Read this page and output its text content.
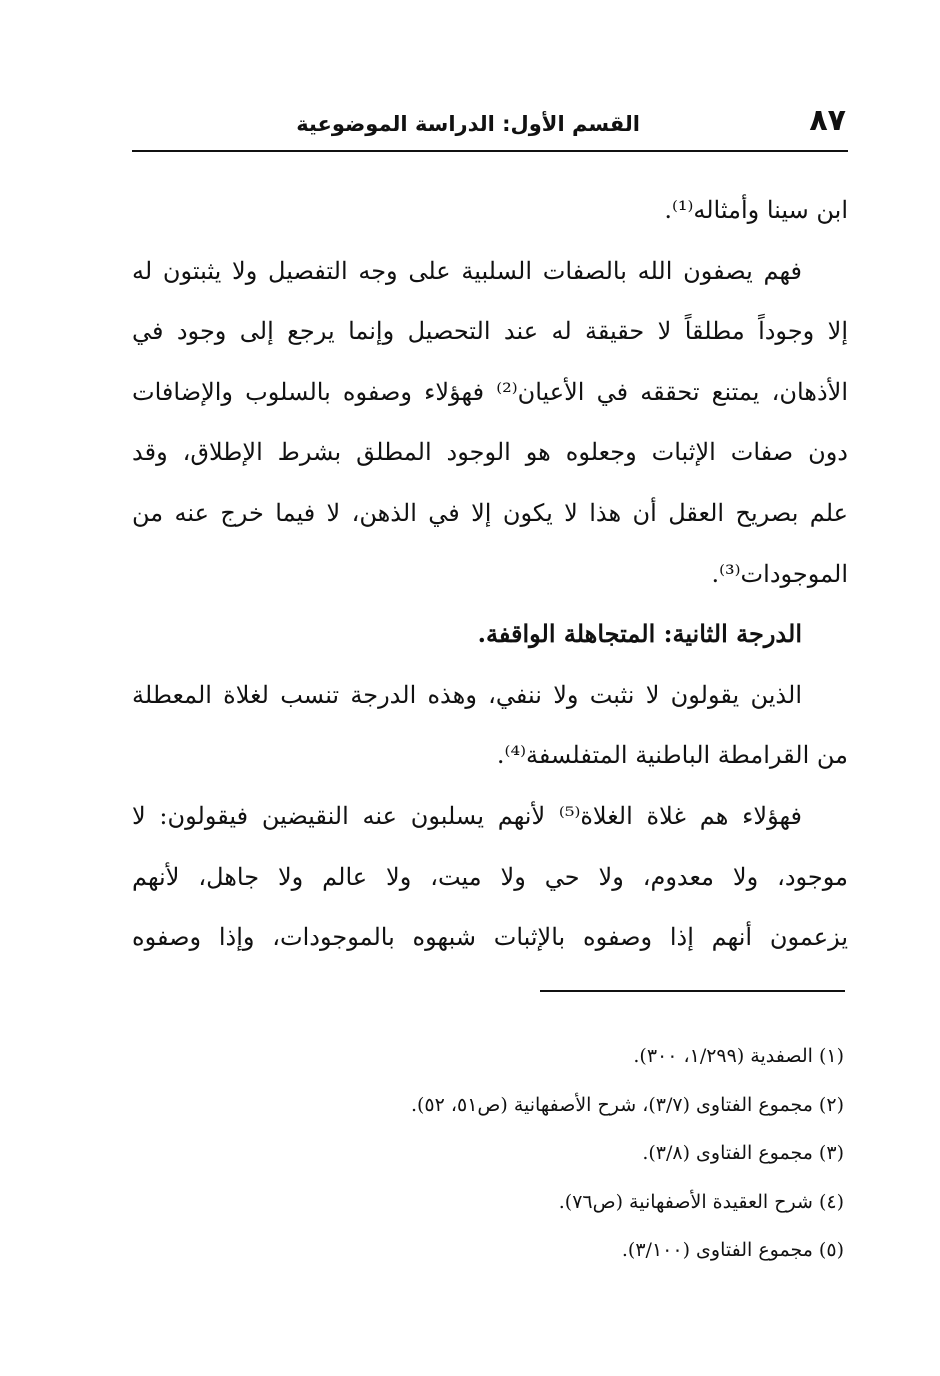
٨٧
القسم الأول: الدراسة الموضوعية
ابن سينا وأمثاله⁽¹⁾.
فهم يصفون الله بالصفات السلبية على وجه التفصيل ولا يثبتون له
إلا وجوداً مطلقاً لا حقيقة له عند التحصيل وإنما يرجع إلى وجود في
الأذهان، يمتنع تحققه في الأعيان⁽²⁾ فهؤلاء وصفوه بالسلوب والإضافات
دون صفات الإثبات وجعلوه هو الوجود المطلق بشرط الإطلاق، وقد
علم بصريح العقل أن هذا لا يكون إلا في الذهن، لا فيما خرج عنه من
الموجودات⁽³⁾.
الدرجة الثانية: المتجاهلة الواقفة.
الذين يقولون لا نثبت ولا ننفي، وهذه الدرجة تنسب لغلاة المعطلة
من القرامطة الباطنية المتفلسفة⁽⁴⁾.
فهؤلاء هم غلاة الغلاة⁽⁵⁾ لأنهم يسلبون عنه النقيضين فيقولون: لا
موجود، ولا معدوم، ولا حي ولا ميت، ولا عالم ولا جاهل، لأنهم
يزعمون أنهم إذا وصفوه بالإثبات شبهوه بالموجودات، وإذا وصفوه
(١) الصفدية (١/٢٩٩، ٣٠٠).
(٢) مجموع الفتاوى (٣/٧)، شرح الأصفهانية (ص٥١، ٥٢).
(٣) مجموع الفتاوى (٣/٨).
(٤) شرح العقيدة الأصفهانية (ص٧٦).
(٥) مجموع الفتاوى (٣/١٠٠).
